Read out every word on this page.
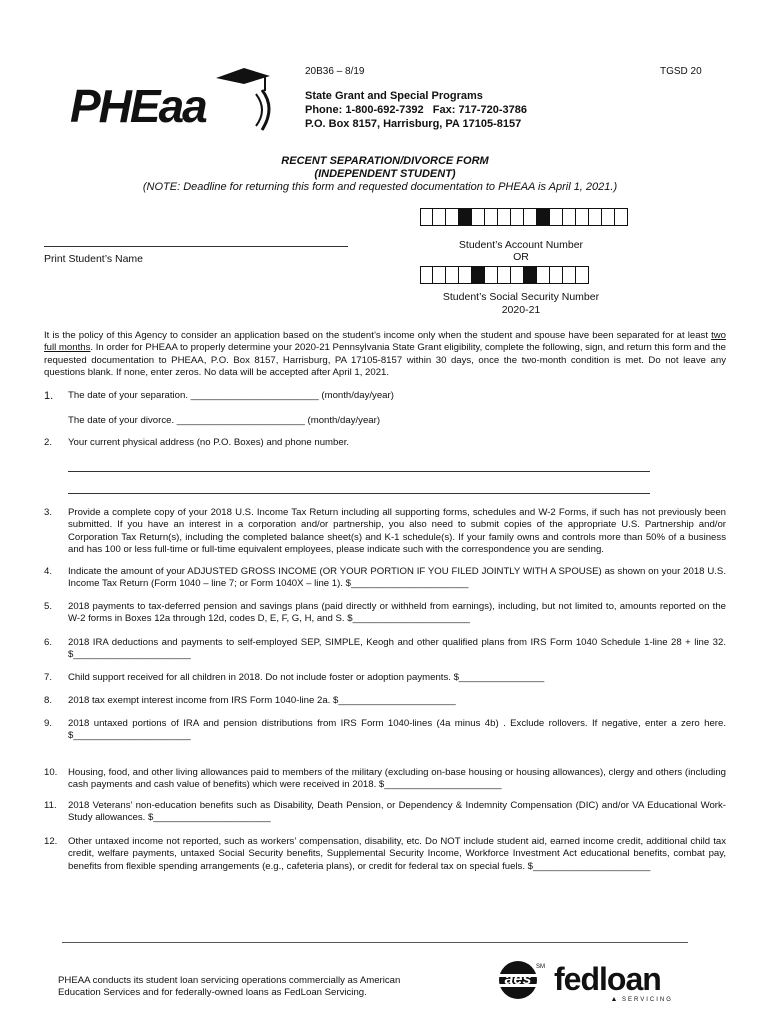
PHEaa
20B36 – 8/19	TGSD 20
State Grant and Special Programs
Phone: 1-800-692-7392   Fax: 717-720-3786
P.O. Box 8157, Harrisburg, PA 17105-8157
RECENT SEPARATION/DIVORCE FORM
(INDEPENDENT STUDENT)
(NOTE: Deadline for returning this form and requested documentation to PHEAA is April 1, 2021.)
Print Student’s Name
Student’s Account Number
OR
Student’s Social Security Number
2020-21
It is the policy of this Agency to consider an application based on the student’s income only when the student and spouse have been separated for at least two full months. In order for PHEAA to properly determine your 2020-21 Pennsylvania State Grant eligibility, complete the following, sign, and return this form and the requested documentation to PHEAA, P.O. Box 8157, Harrisburg, PA 17105-8157 within 30 days, once the two-month condition is met. Do not leave any questions blank. If none, enter zeros. No data will be accepted after April 1, 2021.
1. The date of your separation. ________________________ (month/day/year)
The date of your divorce. ________________________ (month/day/year)
2. Your current physical address (no P.O. Boxes) and phone number.
3. Provide a complete copy of your 2018 U.S. Income Tax Return including all supporting forms, schedules and W-2 Forms, if such has not previously been submitted. If you have an interest in a corporation and/or partnership, you also need to submit copies of the appropriate U.S. Partnership and/or Corporation Tax Return(s), including the completed balance sheet(s) and K-1 schedule(s). If your family owns and controls more than 50% of a business and has 100 or less full-time or full-time equivalent employees, please indicate such with the correspondence you are sending.
4. Indicate the amount of your ADJUSTED GROSS INCOME (OR YOUR PORTION IF YOU FILED JOINTLY WITH A SPOUSE) as shown on your 2018 U.S. Income Tax Return (Form 1040 – line 7; or Form 1040X – line 1). $______________________
5. 2018 payments to tax-deferred pension and savings plans (paid directly or withheld from earnings), including, but not limited to, amounts reported on the W-2 forms in Boxes 12a through 12d, codes D, E, F, G, H, and S. $______________________
6. 2018 IRA deductions and payments to self-employed SEP, SIMPLE, Keogh and other qualified plans from IRS Form 1040 Schedule 1-line 28 + line 32. $______________________
7. Child support received for all children in 2018. Do not include foster or adoption payments. $________________
8. 2018 tax exempt interest income from IRS Form 1040-line 2a. $______________________
9. 2018 untaxed portions of IRA and pension distributions from IRS Form 1040-lines (4a minus 4b) . Exclude rollovers. If negative, enter a zero here. $______________________
10. Housing, food, and other living allowances paid to members of the military (excluding on-base housing or housing allowances), clergy and others (including cash payments and cash value of benefits) which were received in 2018. $______________________
11. 2018 Veterans’ non-education benefits such as Disability, Death Pension, or Dependency & Indemnity Compensation (DIC) and/or VA Educational Work-Study allowances. $______________________
12. Other untaxed income not reported, such as workers’ compensation, disability, etc. Do NOT include student aid, earned income credit, additional child tax credit, welfare payments, untaxed Social Security benefits, Supplemental Security Income, Workforce Investment Act educational benefits, combat pay, benefits from flexible spending arrangements (e.g., cafeteria plans), or credit for federal tax on special fuels. $______________________
PHEAA conducts its student loan servicing operations commercially as American Education Services and for federally-owned loans as FedLoan Servicing.
aes
SM fedloan
SERVICING
